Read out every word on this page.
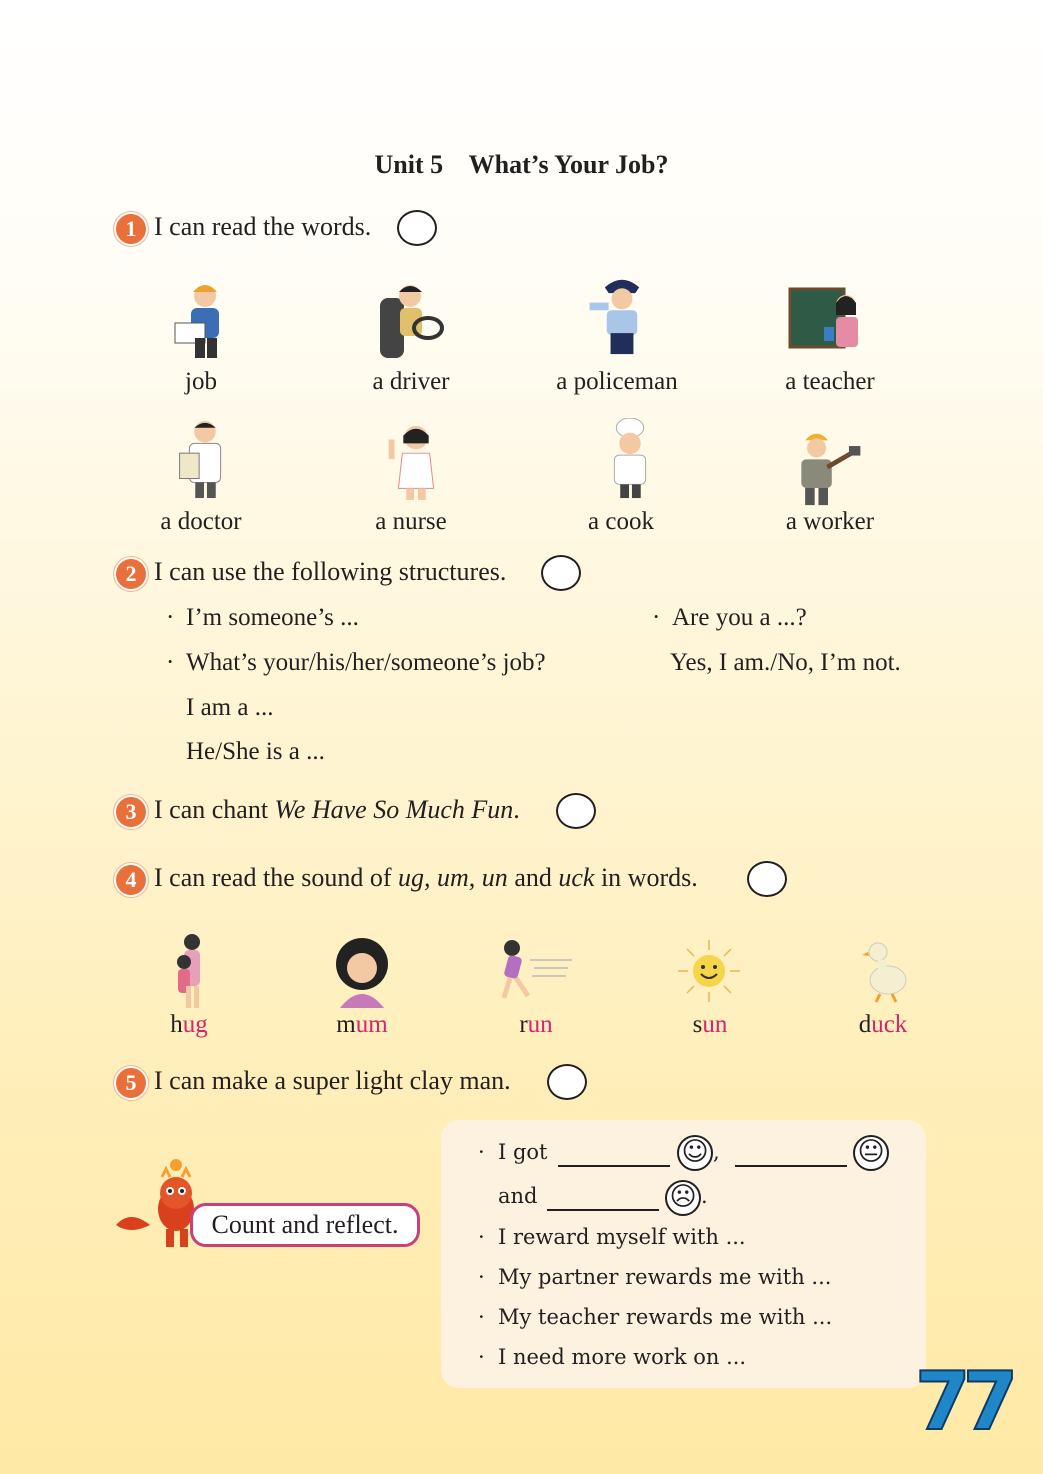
Unit 5    What’s Your Job?
1 I can read the words.
job	a driver	a policeman	a teacher
a doctor	a nurse	a cook	a worker
2 I can use the following structures.
· I’m someone’s ...
· What’s your/his/her/someone’s job?
I am a ...
He/She is a ...
· Are you a ...?
Yes, I am./No, I’m not.
3 I can chant We Have So Much Fun.
4 I can read the sound of ug, um, un and uck in words.
hug	mum	run	sun	duck
5 I can make a super light clay man.
Count and reflect.
· I got	☺ ,	😐
and	☹ .
· I reward myself with ...
· My partner rewards me with ...
· My teacher rewards me with ...
· I need more work on ... 77
